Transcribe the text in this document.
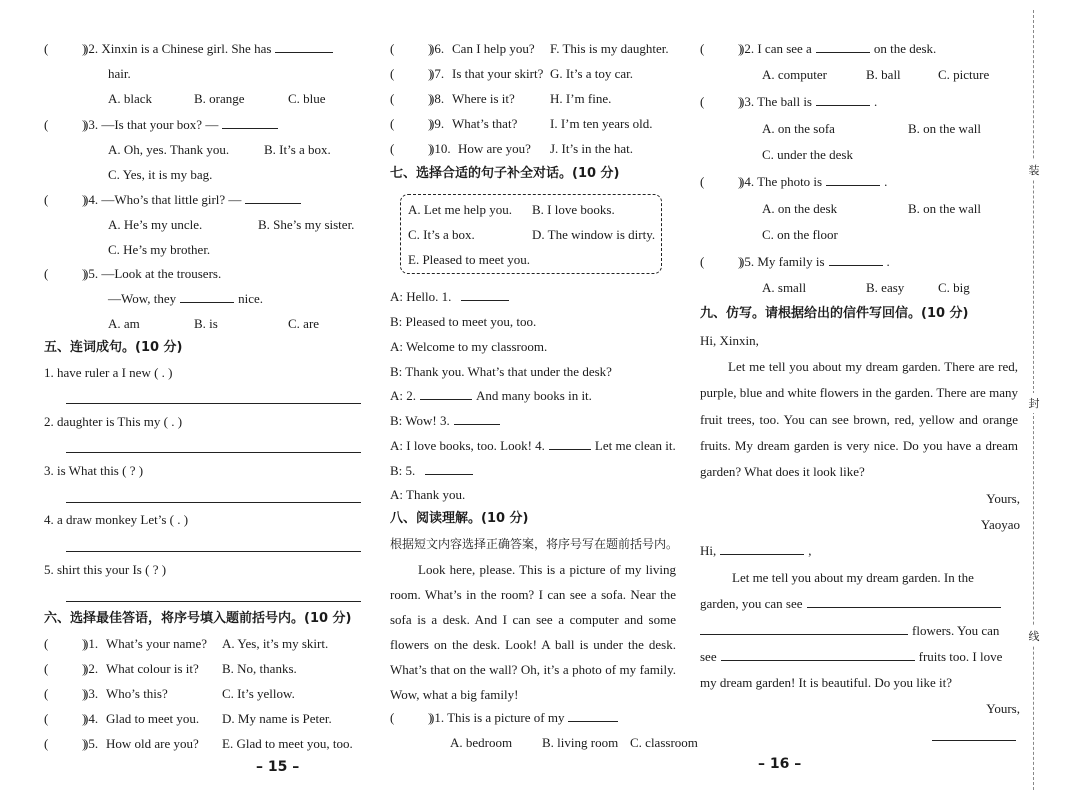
( ))2. Xinxin is a Chinese girl. She has
hair.
A. black	B. orange	C. blue
( ))3. —Is that your box? —
A. Oh, yes. Thank you.	B. It’s a box.
C. Yes, it is my bag.
( ))4. —Who’s that little girl? —
A. He’s my uncle.	B. She’s my sister.
C. He’s my brother.
( ))5. —Look at the trousers.
—Wow, they	nice.
A. am	B. is	C. are
五、连词成句。(10 分)
1. have ruler a I new ( . )
2. daughter is This my ( . )
3. is What this ( ? )
4. a draw monkey Let’s ( . )
5. shirt this your Is ( ? )
六、选择最佳答语，将序号填入题前括号内。(10 分)
( ))1. What’s your name? A. Yes, it’s my skirt.
( ))2. What colour is it? B. No, thanks.
( ))3. Who’s this?	C. It’s yellow.
( ))4. Glad to meet you. D. My name is Peter.
( ))5. How old are you? E. Glad to meet you, too.
– 15 –
( ))6. Can I help you? F. This is my daughter.
( ))7. Is that your skirt? G. It’s a toy car.
( ))8. Where is it?	H. I’m fine.
( ))9. What’s that?	I. I’m ten years old.
( ))10. How are you? J. It’s in the hat.
七、选择合适的句子补全对话。(10 分)
A. Let me help you. B. I love books.
C. It’s a box.	D. The window is dirty.
E. Pleased to meet you.
A: Hello. 1.
B: Pleased to meet you, too.
A: Welcome to my classroom.
B: Thank you. What’s that under the desk?
A: 2.	And many books in it.
B: Wow! 3.
A: I love books, too. Look! 4.	Let me clean it.
B: 5.
A: Thank you.
八、阅读理解。(10 分)
根据短文内容选择正确答案，将序号写在题前括号内。
Look here, please. This is a picture of my living room. What’s in the room? I can see a sofa. Near the sofa is a desk. And I can see a computer and some flowers on the desk. Look! A ball is under the desk. What’s that on the wall? Oh, it’s a photo of my family. Wow, what a big family!
( ))1. This is a picture of my
A. bedroom B. living room C. classroom
( ))2. I can see a	on the desk.
A. computer	B. ball	C. picture
( ))3. The ball is	.
A. on the sofa	B. on the wall
C. under the desk
( ))4. The photo is	.
A. on the desk	B. on the wall
C. on the floor
( ))5. My family is	.
A. small	B. easy	C. big
九、仿写。请根据给出的信件写回信。(10 分)
Hi, Xinxin,
Let me tell you about my dream garden. There are red, purple, blue and white flowers in the garden. There are many fruit trees, too. You can see brown, red, yellow and orange fruits. My dream garden is very nice. Do you have a dream garden? What does it look like?
Yours,
Yaoyao
Hi,	,
Let me tell you about my dream garden. In the
garden, you can see
flowers. You can
see	fruits too. I love
my dream garden! It is beautiful. Do you like it?
Yours,
– 16 –
装
封
线
